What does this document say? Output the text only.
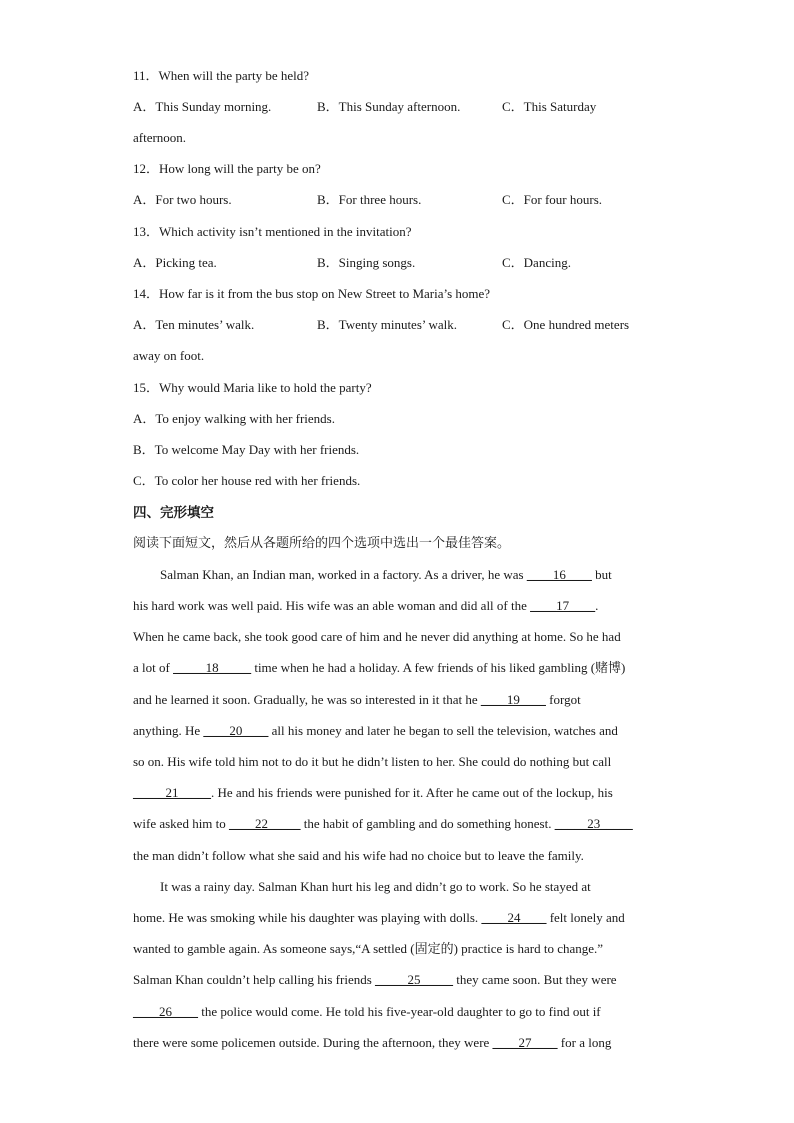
11．When will the party be held?
A．This Sunday morning.	B．This Sunday afternoon.	C．This Saturday
afternoon.
12．How long will the party be on?
A．For two hours.	B．For three hours.	C．For four hours.
13．Which activity isn’t mentioned in the invitation?
A．Picking tea.	B．Singing songs.	C．Dancing.
14．How far is it from the bus stop on New Street to Maria’s home?
A．Ten minutes’ walk.	B．Twenty minutes’ walk.	C．One hundred meters
away on foot.
15．Why would Maria like to hold the party?
A．To enjoy walking with her friends.
B．To welcome May Day with her friends.
C．To color her house red with her friends.
四、完形填空
阅读下面短文，然后从各题所给的四个选项中选出一个最佳答案。
Salman Khan, an Indian man, worked in a factory. As a driver, he was ____16____ but
his hard work was well paid. His wife was an able woman and did all of the ____17____.
When he came back, she took good care of him and he never did anything at home. So he had
a lot of _____18_____ time when he had a holiday. A few friends of his liked gambling (赌博)
and he learned it soon. Gradually, he was so interested in it that he ____19____ forgot
anything. He ____20____ all his money and later he began to sell the television, watches and
so on. His wife told him not to do it but he didn’t listen to her. She could do nothing but call
_____21_____. He and his friends were punished for it. After he came out of the lockup, his
wife asked him to ____22_____ the habit of gambling and do something honest. _____23_____
the man didn’t follow what she said and his wife had no choice but to leave the family.
It was a rainy day. Salman Khan hurt his leg and didn’t go to work. So he stayed at
home. He was smoking while his daughter was playing with dolls. ____24____ felt lonely and
wanted to gamble again. As someone says,“A settled (固定的) practice is hard to change.”
Salman Khan couldn’t help calling his friends _____25_____ they came soon. But they were
____26____ the police would come. He told his five-year-old daughter to go to find out if
there were some policemen outside. During the afternoon, they were ____27____ for a long
